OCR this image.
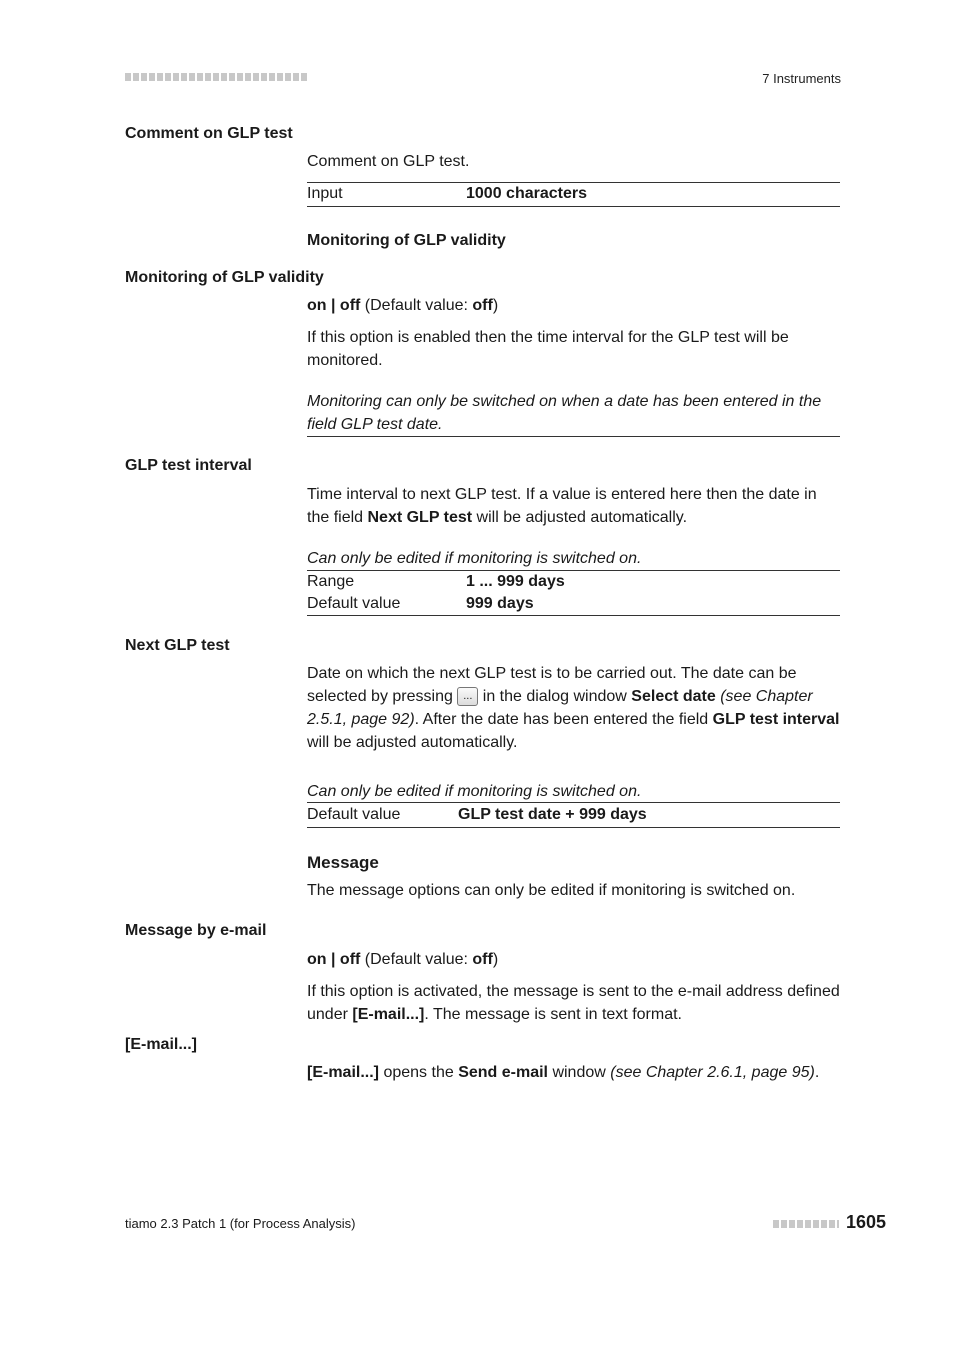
7 Instruments
Comment on GLP test
Comment on GLP test.
Input	1000 characters
Monitoring of GLP validity
Monitoring of GLP validity
on | off (Default value: off)
If this option is enabled then the time interval for the GLP test will be monitored.
Monitoring can only be switched on when a date has been entered in the field GLP test date.
GLP test interval
Time interval to next GLP test. If a value is entered here then the date in the field Next GLP test will be adjusted automatically.
Can only be edited if monitoring is switched on.
Range	1 ... 999 days
Default value	999 days
Next GLP test
Date on which the next GLP test is to be carried out. The date can be selected by pressing ... in the dialog window Select date (see Chapter 2.5.1, page 92). After the date has been entered the field GLP test interval will be adjusted automatically.
Can only be edited if monitoring is switched on.
Default value	GLP test date + 999 days
Message
The message options can only be edited if monitoring is switched on.
Message by e-mail
on | off (Default value: off)
If this option is activated, the message is sent to the e-mail address defined under [E-mail...]. The message is sent in text format.
[E-mail...]
[E-mail...] opens the Send e-mail window (see Chapter 2.6.1, page 95).
tiamo 2.3 Patch 1 (for Process Analysis)	1605
